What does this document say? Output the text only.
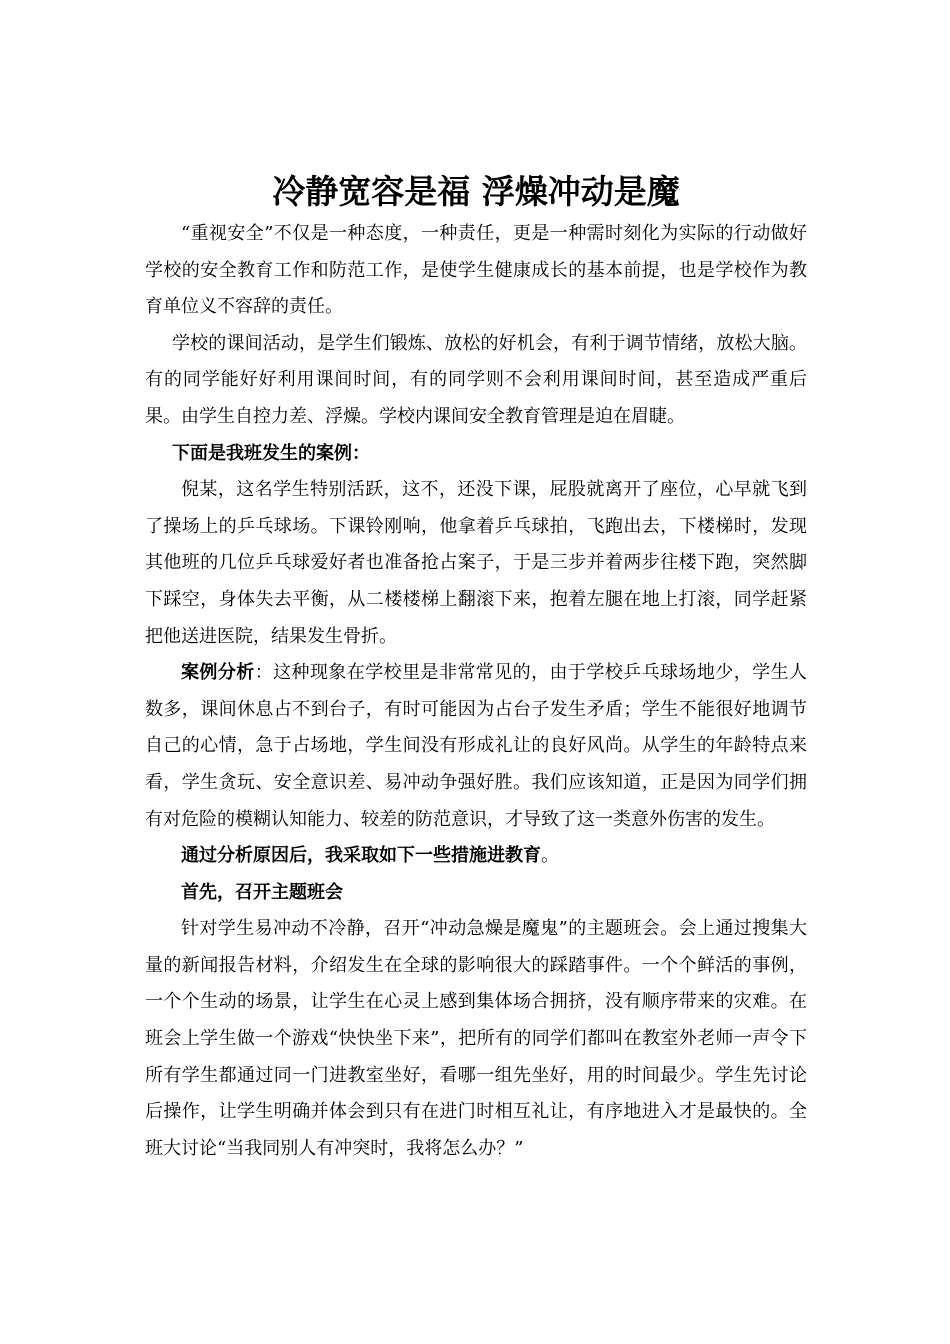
冷静宽容是福 浮燥冲动是魔

“重视安全”不仅是一种态度，一种责任，更是一种需时刻化为实际的行动做好学校的安全教育工作和防范工作，是使学生健康成长的基本前提，也是学校作为教育单位义不容辞的责任。

学校的课间活动，是学生们锻炼、放松的好机会，有利于调节情绪，放松大脑。有的同学能好好利用课间时间，有的同学则不会利用课间时间，甚至造成严重后果。由学生自控力差、浮燥。学校内课间安全教育管理是迫在眉睫。

下面是我班发生的案例：

倪某，这名学生特别活跃，这不，还没下课，屁股就离开了座位，心早就飞到了操场上的乒乓球场。下课铃刚响，他拿着乒乓球拍，飞跑出去，下楼梯时，发现其他班的几位乒乓球爱好者也准备抢占案子，于是三步并着两步往楼下跑，突然脚下踩空，身体失去平衡，从二楼楼梯上翻滚下来，抱着左腿在地上打滚，同学赶紧把他送进医院，结果发生骨折。

案例分析：这种现象在学校里是非常常见的，由于学校乒乓球场地少，学生人数多，课间休息占不到台子，有时可能因为占台子发生矛盾；学生不能很好地调节自己的心情，急于占场地，学生间没有形成礼让的良好风尚。从学生的年龄特点来看，学生贪玩、安全意识差、易冲动争强好胜。我们应该知道，正是因为同学们拥有对危险的模糊认知能力、较差的防范意识，才导致了这一类意外伤害的发生。

通过分析原因后，我采取如下一些措施进教育。

首先，召开主题班会

针对学生易冲动不冷静，召开“冲动急燥是魔鬼”的主题班会。会上通过搜集大量的新闻报告材料，介绍发生在全球的影响很大的踩踏事件。一个个鲜活的事例，一个个生动的场景，让学生在心灵上感到集体场合拥挤，没有顺序带来的灾难。在班会上学生做一个游戏“快快坐下来”，把所有的同学们都叫在教室外老师一声令下所有学生都通过同一门进教室坐好，看哪一组先坐好，用的时间最少。学生先讨论后操作，让学生明确并体会到只有在进门时相互礼让，有序地进入才是最快的。全班大讨论“当我同别人有冲突时，我将怎么办？”
